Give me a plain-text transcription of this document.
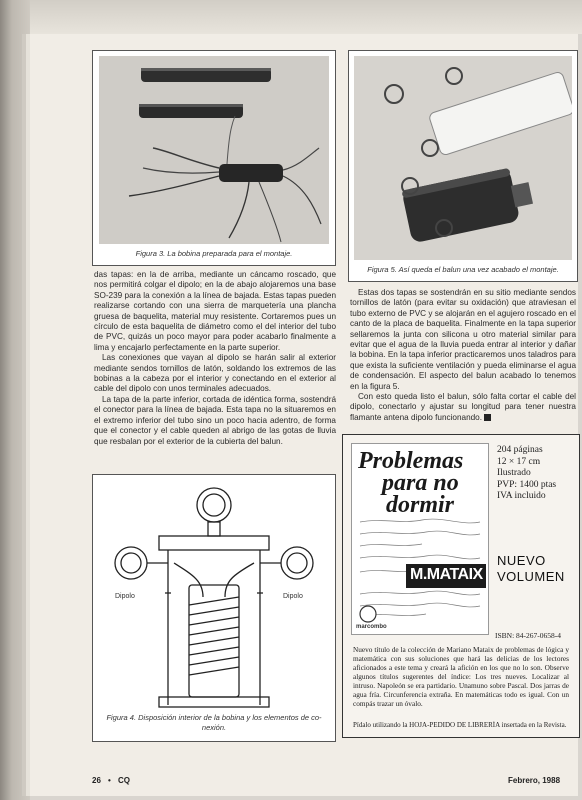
Figura 3. La bobina preparada para el montaje.
Figura 5. Así queda el balun una vez acabado el montaje.

das tapas: en la de arriba, mediante un cáncamo roscado, que nos permitirá colgar el dipolo; en la de abajo alojaremos una base SO-239 para la conexión a la línea de bajada. Estas tapas pueden realizarse cortando con una sierra de marquetería una plancha gruesa de baquelita, material muy resistente. Cortaremos pues un círculo de esta baquelita de diámetro como el del interior del tubo de PVC, quizás un poco mayor para poder acabarlo finalmente a lima y encajarlo perfectamente en la parte superior.

Las conexiones que vayan al dipolo se harán salir al exterior mediante sendos tornillos de latón, soldando los extremos de las bobinas a la cabeza por el interior y conectando en el exterior al cable del dipolo con unos terminales adecuados.

La tapa de la parte inferior, cortada de idéntica forma, sostendrá el conector para la línea de bajada. Esta tapa no la situaremos en el extremo inferior del tubo sino un poco hacia adentro, de forma que el conector y el cable queden al abrigo de las gotas de lluvia que resbalan por el exterior de la cubierta del balun.

Estas dos tapas se sostendrán en su sitio mediante sendos tornillos de latón (para evitar su oxidación) que atraviesan el tubo externo de PVC y se alojarán en el agujero roscado en el canto de la placa de baquelita. Finalmente en la tapa superior sellaremos la junta con silicona u otro material similar para evitar que el agua de la lluvia pueda entrar al interior y dañar la bobina. En la tapa inferior practicaremos unos taladros para que exista la suficiente ventilación y pueda eliminarse el agua de condensación. El aspecto del balun acabado lo tenemos en la figura 5.

Con esto queda listo el balun, sólo falta cortar el cable del dipolo, conectarlo y ajustar su longitud para tener nuestra flamante antena dipolo funcionando.

Dipolo	Dipolo
Figura 4. Disposición interior de la bobina y los elementos de co-
nexión.
Problemas
para no
dormir
M.MATAIX
marcombo
204 páginas
12 × 17 cm
Ilustrado
PVP: 1400 ptas
IVA incluido
NUEVO
VOLUMEN
ISBN: 84-267-0658-4
Nuevo título de la colección de Mariano Mataix de problemas de lógica y matemática con sus soluciones que hará las delicias de los lectores aficionados a este tema y creará la afición en los que no lo son. Observe algunos títulos sugerentes del índice: Los tres nueves. Localizar al intruso. Napoleón se era partidario. Unamuno sobre Pascal. Dos jarras de agua fría. Circunferencia extraña. En matemáticas todo es igual. Con un compás trazar un óvalo.
Pídalo utilizando la HOJA-PEDIDO DE LIBRERÍA insertada en la Revista.
26 • CQ	Febrero, 1988
